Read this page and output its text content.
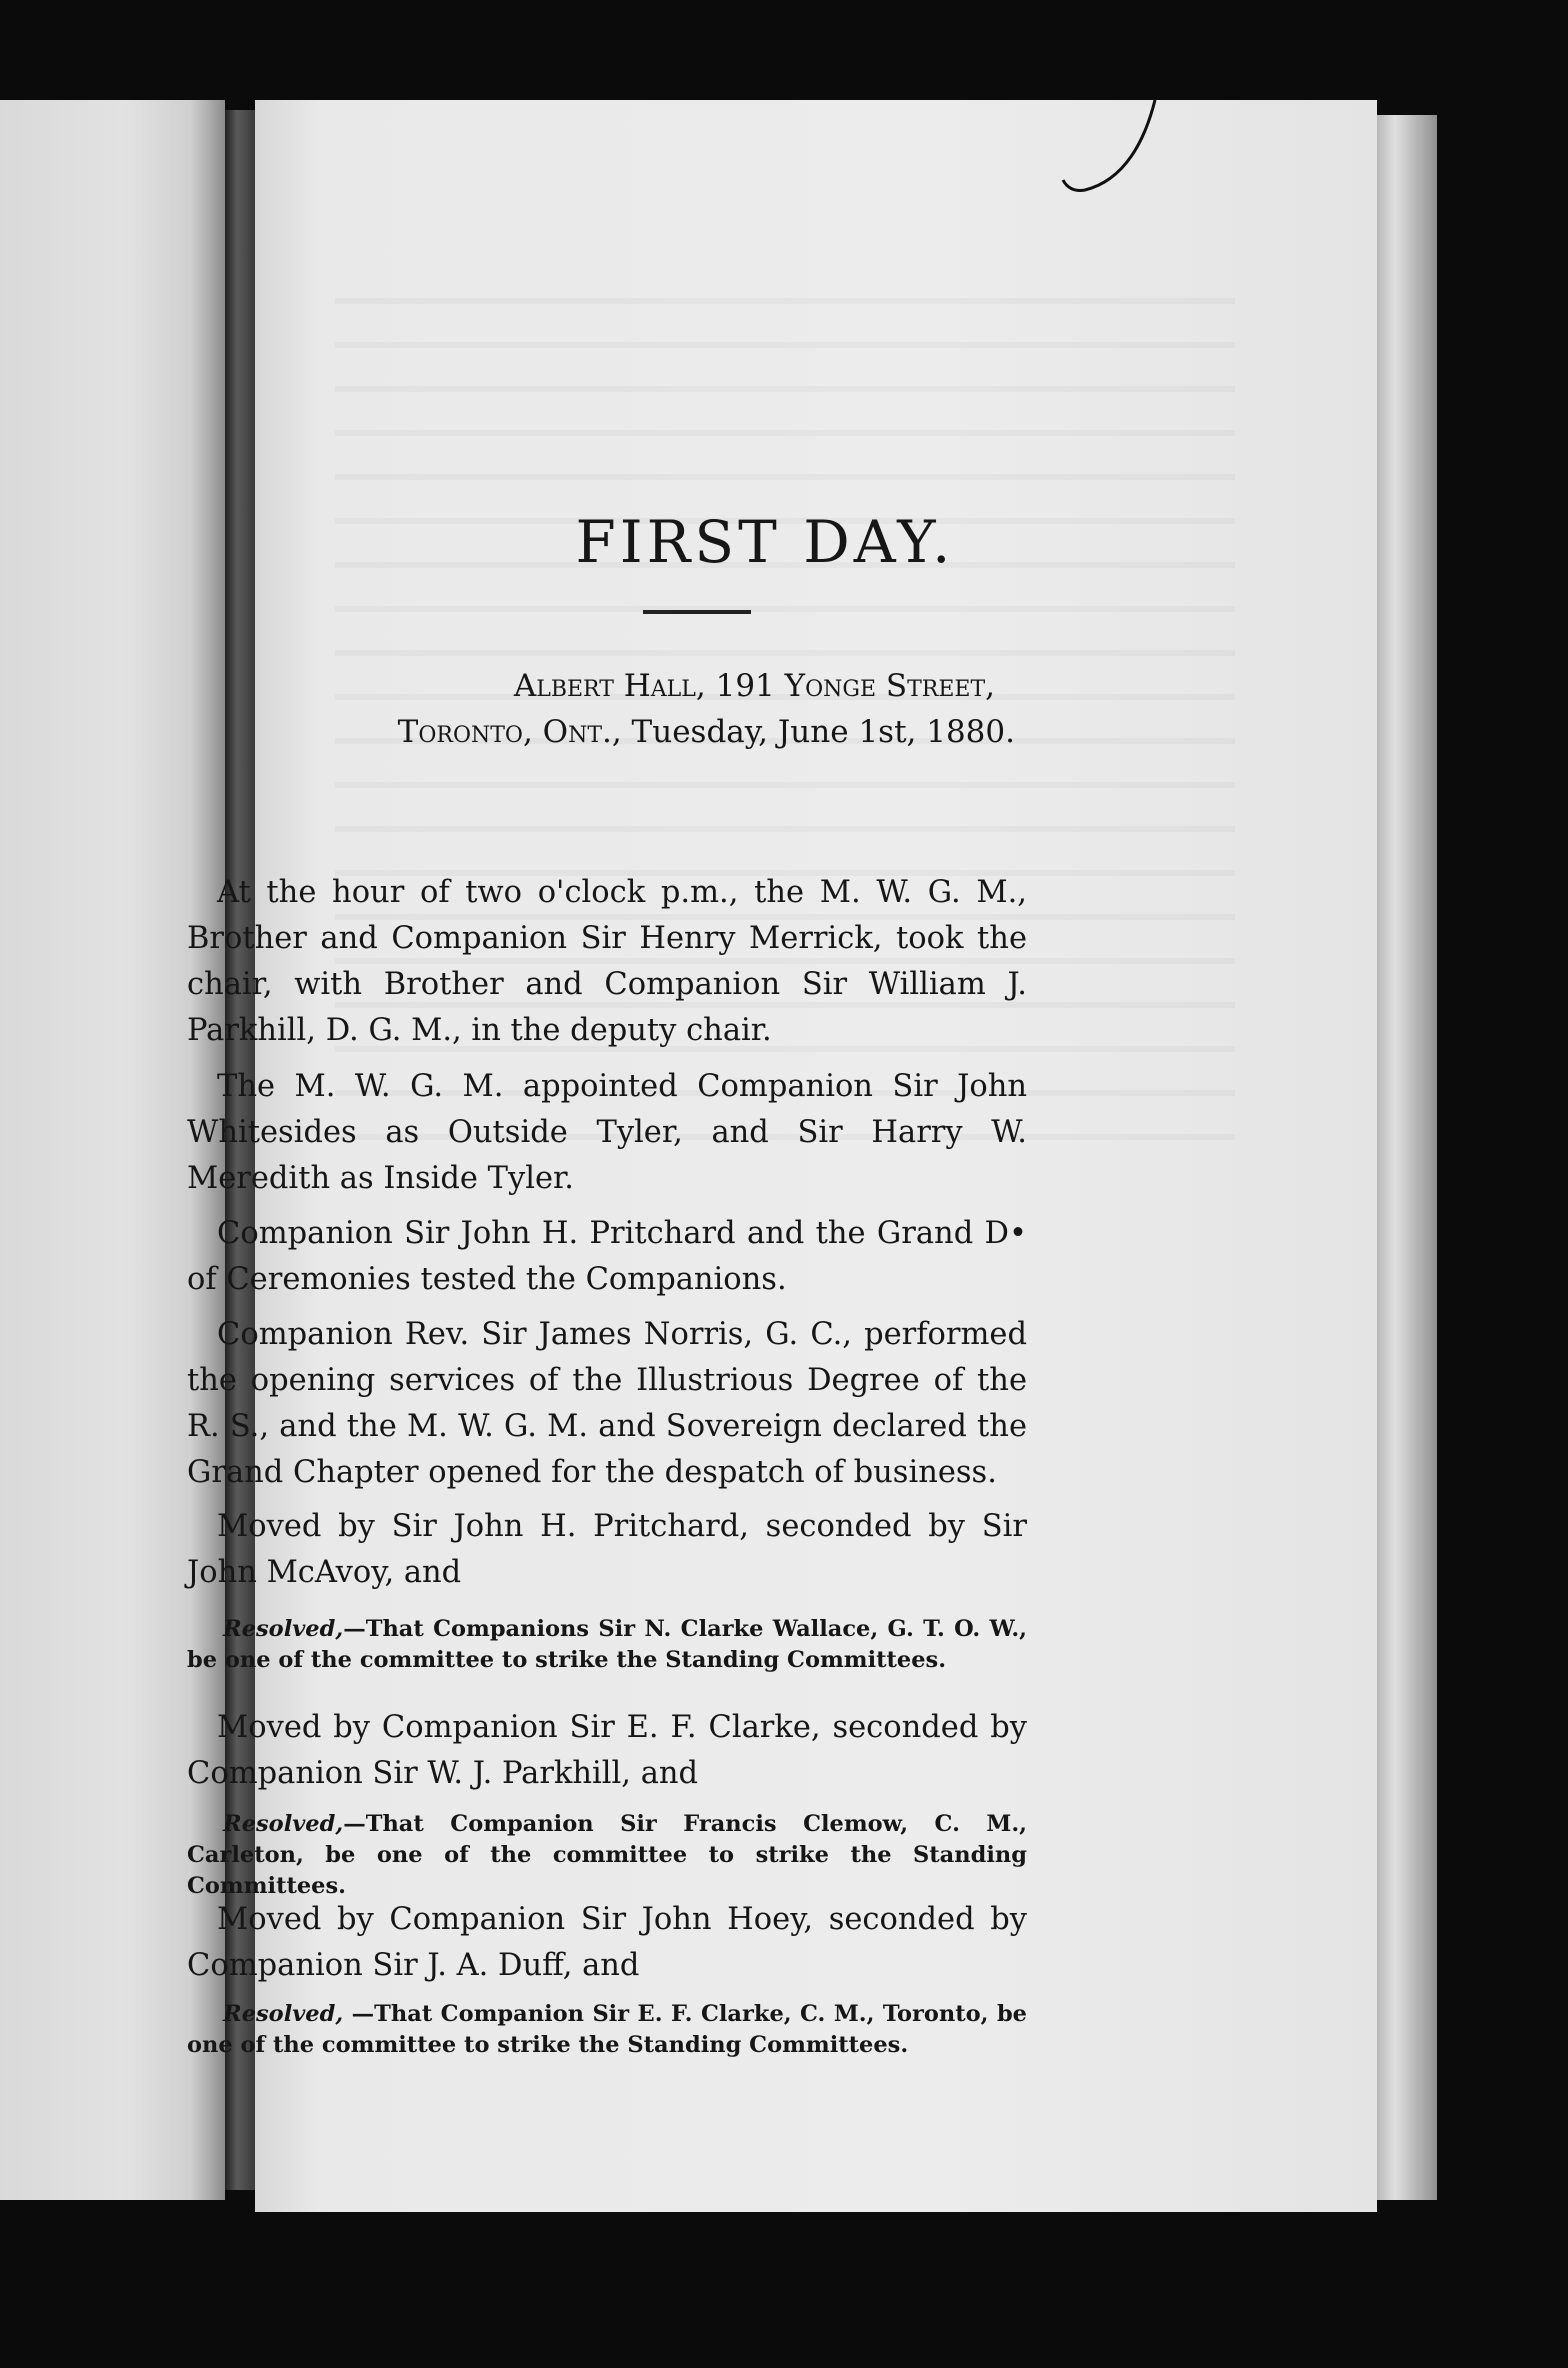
FIRST DAY.
Albert Hall, 191 Yonge Street,
Toronto, Ont., Tuesday, June 1st, 1880.
At the hour of two o'clock p.m., the M. W. G. M., Brother and Companion Sir Henry Merrick, took the chair, with Brother and Companion Sir William J. Parkhill, D. G. M., in the deputy chair.
The M. W. G. M. appointed Companion Sir John Whitesides as Outside Tyler, and Sir Harry W. Meredith as Inside Tyler.
Companion Sir John H. Pritchard and the Grand D• of Ceremonies tested the Companions.
Companion Rev. Sir James Norris, G. C., performed the opening services of the Illustrious Degree of the R. S., and the M. W. G. M. and Sovereign declared the Grand Chapter opened for the despatch of business.
Moved by Sir John H. Pritchard, seconded by Sir John McAvoy, and
Resolved,—That Companions Sir N. Clarke Wallace, G. T. O. W., be one of the committee to strike the Standing Committees.
Moved by Companion Sir E. F. Clarke, seconded by Companion Sir W. J. Parkhill, and
Resolved,—That Companion Sir Francis Clemow, C. M., Carleton, be one of the committee to strike the Standing Committees.
Moved by Companion Sir John Hoey, seconded by Companion Sir J. A. Duff, and
Resolved, —That Companion Sir E. F. Clarke, C. M., Toronto, be one of the committee to strike the Standing Committees.
